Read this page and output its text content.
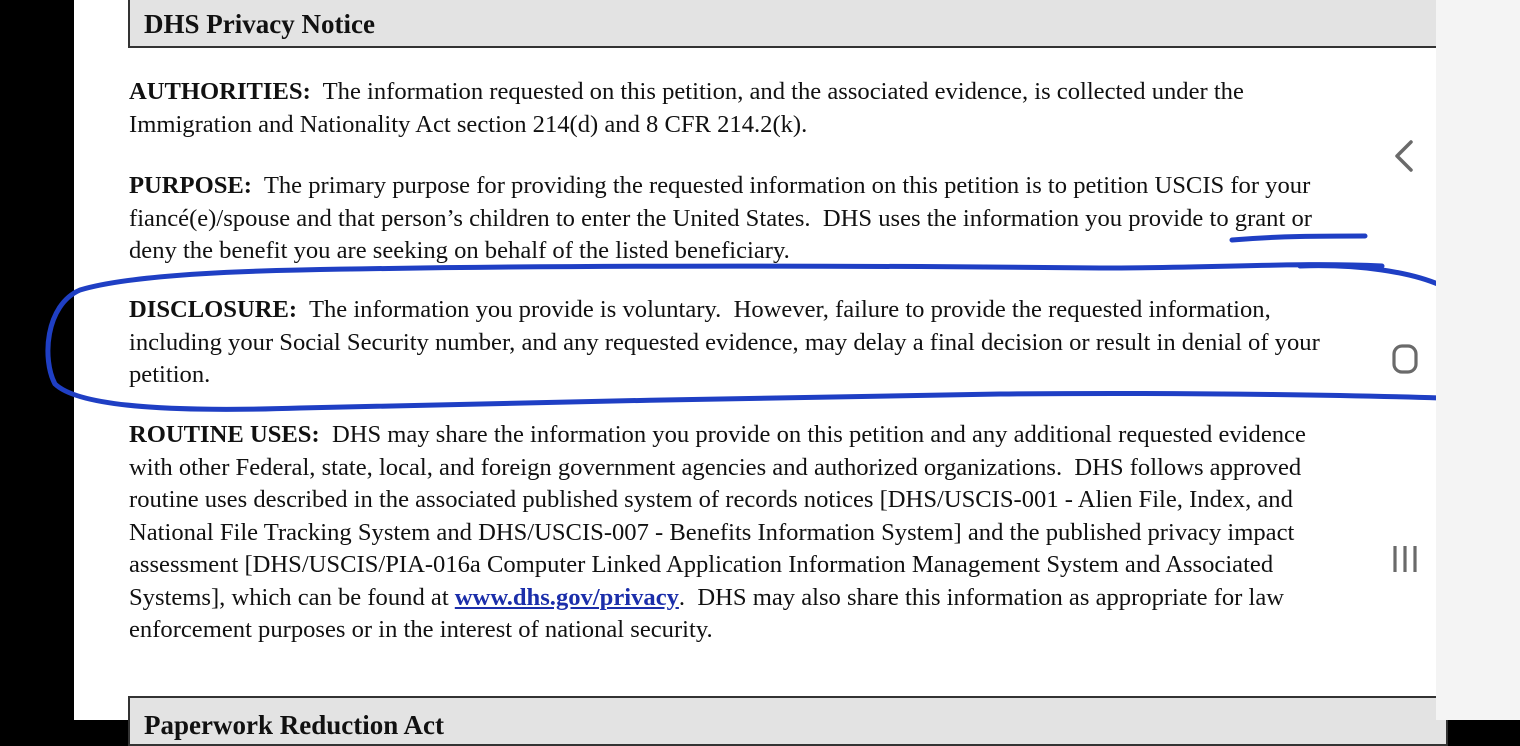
DHS Privacy Notice

AUTHORITIES:  The information requested on this petition, and the associated evidence, is collected under the
Immigration and Nationality Act section 214(d) and 8 CFR 214.2(k).

PURPOSE:  The primary purpose for providing the requested information on this petition is to petition USCIS for your
fiancé(e)/spouse and that person’s children to enter the United States.  DHS uses the information you provide to grant or
deny the benefit you are seeking on behalf of the listed beneficiary.

DISCLOSURE:  The information you provide is voluntary.  However, failure to provide the requested information,
including your Social Security number, and any requested evidence, may delay a final decision or result in denial of your
petition.

ROUTINE USES:  DHS may share the information you provide on this petition and any additional requested evidence
with other Federal, state, local, and foreign government agencies and authorized organizations.  DHS follows approved
routine uses described in the associated published system of records notices [DHS/USCIS-001 - Alien File, Index, and
National File Tracking System and DHS/USCIS-007 - Benefits Information System] and the published privacy impact
assessment [DHS/USCIS/PIA-016a Computer Linked Application Information Management System and Associated
Systems], which can be found at www.dhs.gov/privacy.  DHS may also share this information as appropriate for law
enforcement purposes or in the interest of national security.

Paperwork Reduction Act
